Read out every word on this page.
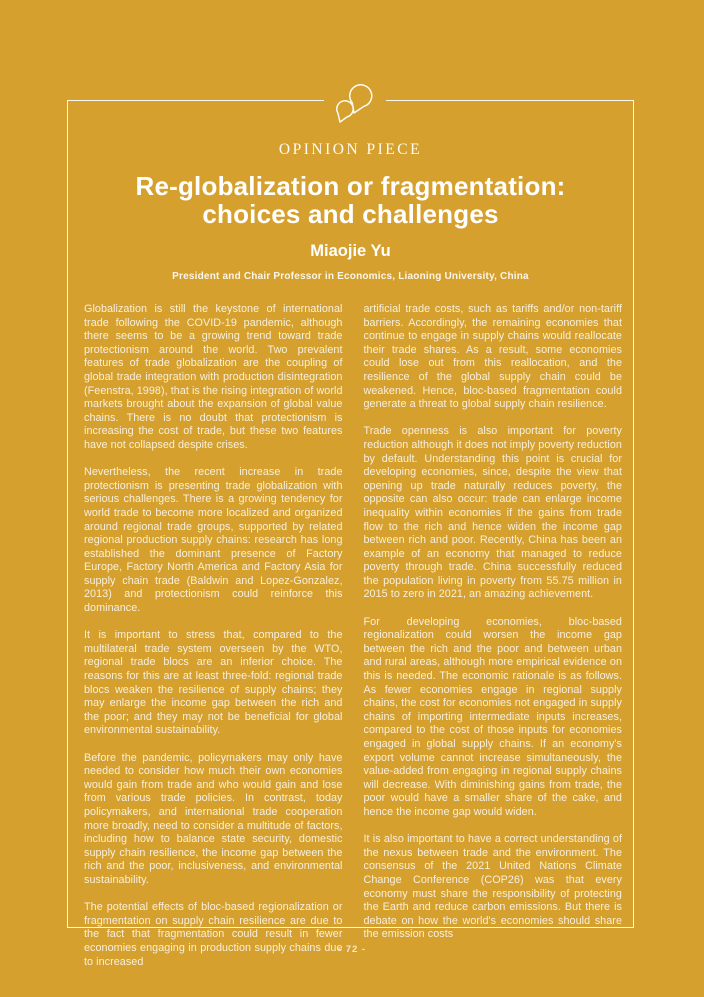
OPINION PIECE
Re-globalization or fragmentation:
choices and challenges
Miaojie Yu
President and Chair Professor in Economics, Liaoning University, China

Globalization is still the keystone of international trade following the COVID-19 pandemic, although there seems to be a growing trend toward trade protectionism around the world. Two prevalent features of trade globalization are the coupling of global trade integration with production disintegration (Feenstra, 1998), that is the rising integration of world markets brought about the expansion of global value chains. There is no doubt that protectionism is increasing the cost of trade, but these two features have not collapsed despite crises.

Nevertheless, the recent increase in trade protectionism is presenting trade globalization with serious challenges. There is a growing tendency for world trade to become more localized and organized around regional trade groups, supported by related regional production supply chains: research has long established the dominant presence of Factory Europe, Factory North America and Factory Asia for supply chain trade (Baldwin and Lopez-Gonzalez, 2013) and protectionism could reinforce this dominance.

It is important to stress that, compared to the multilateral trade system overseen by the WTO, regional trade blocs are an inferior choice. The reasons for this are at least three-fold: regional trade blocs weaken the resilience of supply chains; they may enlarge the income gap between the rich and the poor; and they may not be beneficial for global environmental sustainability.

Before the pandemic, policymakers may only have needed to consider how much their own economies would gain from trade and who would gain and lose from various trade policies. In contrast, today policymakers, and international trade cooperation more broadly, need to consider a multitude of factors, including how to balance state security, domestic supply chain resilience, the income gap between the rich and the poor, inclusiveness, and environmental sustainability.

The potential effects of bloc-based regionalization or fragmentation on supply chain resilience are due to the fact that fragmentation could result in fewer economies engaging in production supply chains due to increased

artificial trade costs, such as tariffs and/or non-tariff barriers. Accordingly, the remaining economies that continue to engage in supply chains would reallocate their trade shares. As a result, some economies could lose out from this reallocation, and the resilience of the global supply chain could be weakened. Hence, bloc-based fragmentation could generate a threat to global supply chain resilience.

Trade openness is also important for poverty reduction although it does not imply poverty reduction by default. Understanding this point is crucial for developing economies, since, despite the view that opening up trade naturally reduces poverty, the opposite can also occur: trade can enlarge income inequality within economies if the gains from trade flow to the rich and hence widen the income gap between rich and poor. Recently, China has been an example of an economy that managed to reduce poverty through trade. China successfully reduced the population living in poverty from 55.75 million in 2015 to zero in 2021, an amazing achievement.

For developing economies, bloc-based regionalization could worsen the income gap between the rich and the poor and between urban and rural areas, although more empirical evidence on this is needed. The economic rationale is as follows. As fewer economies engage in regional supply chains, the cost for economies not engaged in supply chains of importing intermediate inputs increases, compared to the cost of those inputs for economies engaged in global supply chains. If an economy's export volume cannot increase simultaneously, the value-added from engaging in regional supply chains will decrease. With diminishing gains from trade, the poor would have a smaller share of the cake, and hence the income gap would widen.

It is also important to have a correct understanding of the nexus between trade and the environment. The consensus of the 2021 United Nations Climate Change Conference (COP26) was that every economy must share the responsibility of protecting the Earth and reduce carbon emissions. But there is debate on how the world's economies should share the emission costs

- 72 -
